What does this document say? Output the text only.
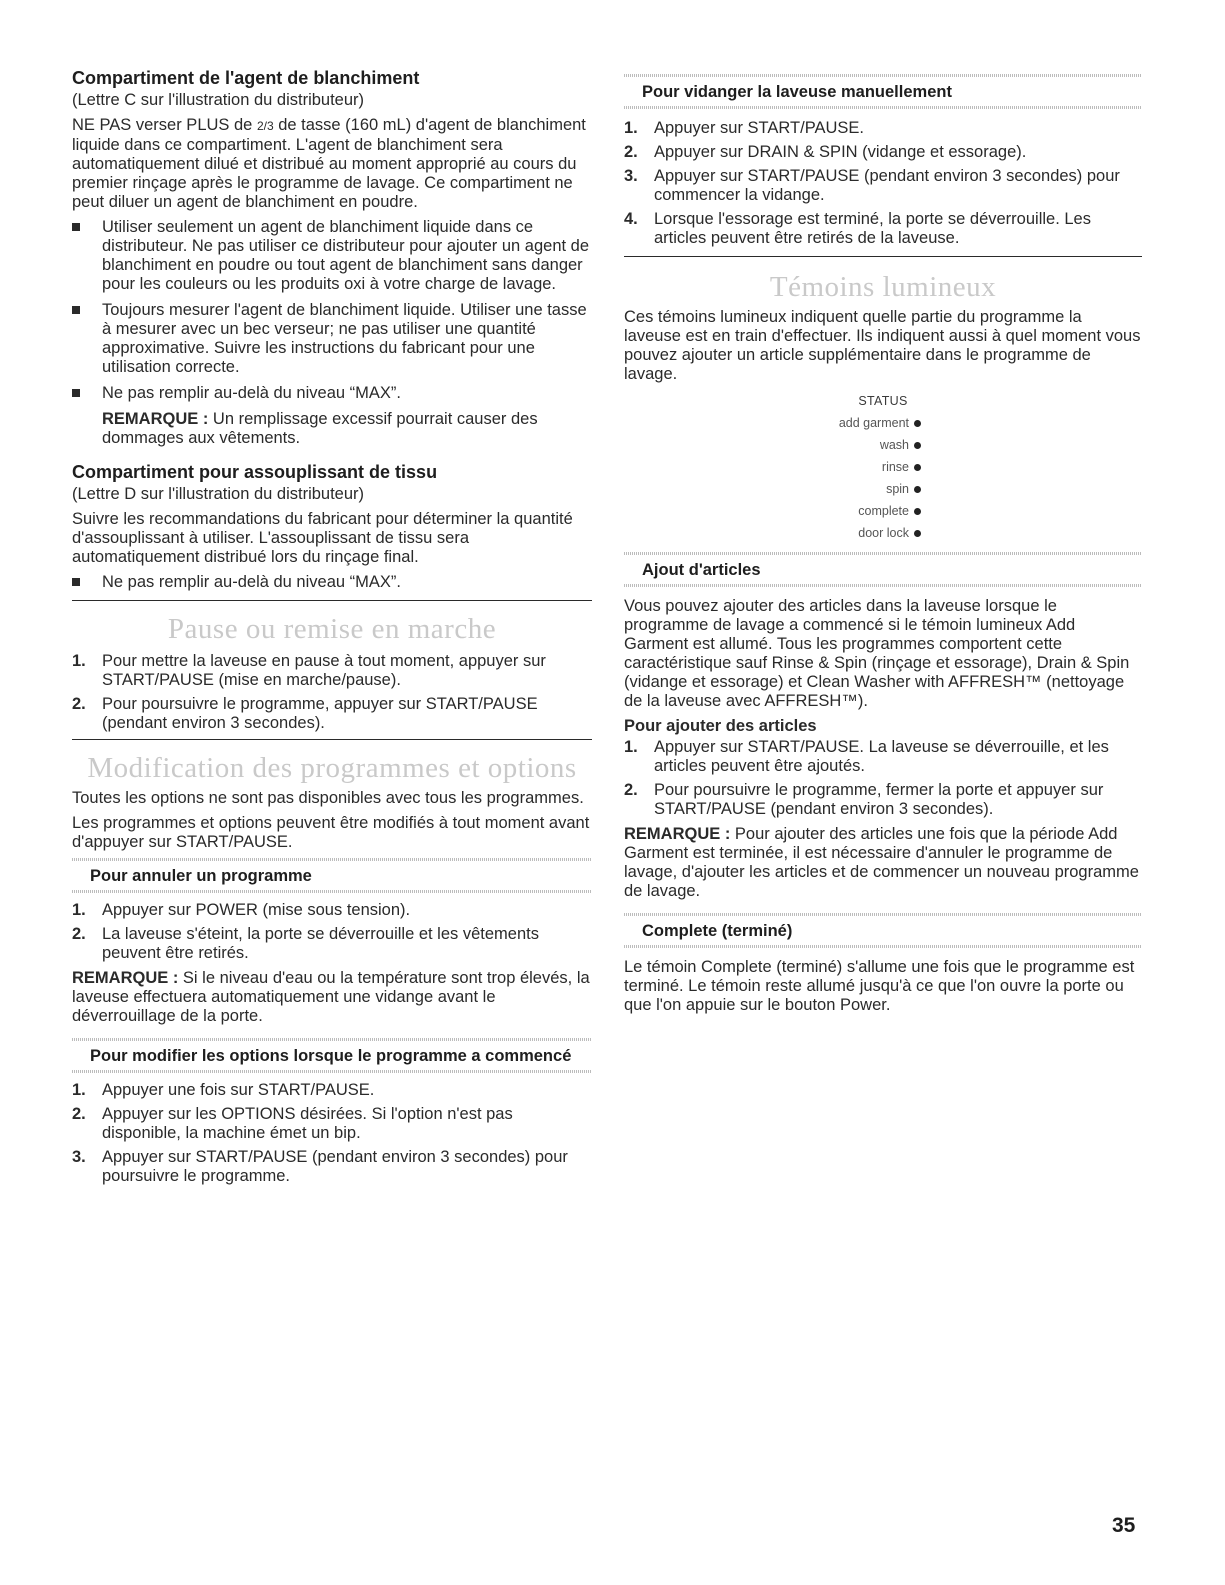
Compartiment de l'agent de blanchiment

(Lettre C sur l'illustration du distributeur)

NE PAS verser PLUS de 2/3 de tasse (160 mL) d'agent de blanchiment liquide dans ce compartiment. L'agent de blanchiment sera automatiquement dilué et distribué au moment approprié au cours du premier rinçage après le programme de lavage. Ce compartiment ne peut diluer un agent de blanchiment en poudre.

Utiliser seulement un agent de blanchiment liquide dans ce distributeur. Ne pas utiliser ce distributeur pour ajouter un agent de blanchiment en poudre ou tout agent de blanchiment sans danger pour les couleurs ou les produits oxi à votre charge de lavage.
Toujours mesurer l'agent de blanchiment liquide. Utiliser une tasse à mesurer avec un bec verseur; ne pas utiliser une quantité approximative. Suivre les instructions du fabricant pour une utilisation correcte.
Ne pas remplir au-delà du niveau “MAX”.

REMARQUE : Un remplissage excessif pourrait causer des dommages aux vêtements.

Compartiment pour assouplissant de tissu

(Lettre D sur l'illustration du distributeur)

Suivre les recommandations du fabricant pour déterminer la quantité d'assouplissant à utiliser. L'assouplissant de tissu sera automatiquement distribué lors du rinçage final.

Ne pas remplir au-delà du niveau “MAX”.
Pause ou remise en marche
1. Pour mettre la laveuse en pause à tout moment, appuyer sur START/PAUSE (mise en marche/pause).
2. Pour poursuivre le programme, appuyer sur START/PAUSE (pendant environ 3 secondes).
Modification des programmes et options

Toutes les options ne sont pas disponibles avec tous les programmes.

Les programmes et options peuvent être modifiés à tout moment avant d'appuyer sur START/PAUSE.

Pour annuler un programme
1. Appuyer sur POWER (mise sous tension).
2. La laveuse s'éteint, la porte se déverrouille et les vêtements peuvent être retirés.

REMARQUE : Si le niveau d'eau ou la température sont trop élevés, la laveuse effectuera automatiquement une vidange avant le déverrouillage de la porte.

Pour modifier les options lorsque le programme a commencé
1. Appuyer une fois sur START/PAUSE.
2. Appuyer sur les OPTIONS désirées. Si l'option n'est pas disponible, la machine émet un bip.
3. Appuyer sur START/PAUSE (pendant environ 3 secondes) pour poursuivre le programme.
Pour vidanger la laveuse manuellement
1. Appuyer sur START/PAUSE.
2. Appuyer sur DRAIN & SPIN (vidange et essorage).
3. Appuyer sur START/PAUSE (pendant environ 3 secondes) pour commencer la vidange.
4. Lorsque l'essorage est terminé, la porte se déverrouille. Les articles peuvent être retirés de la laveuse.
Témoins lumineux

Ces témoins lumineux indiquent quelle partie du programme la laveuse est en train d'effectuer. Ils indiquent aussi à quel moment vous pouvez ajouter un article supplémentaire dans le programme de lavage.

STATUS
add garment
wash
rinse
spin
complete
door lock
Ajout d'articles

Vous pouvez ajouter des articles dans la laveuse lorsque le programme de lavage a commencé si le témoin lumineux Add Garment est allumé. Tous les programmes comportent cette caractéristique sauf Rinse & Spin (rinçage et essorage), Drain & Spin (vidange et essorage) et Clean Washer with AFFRESH™ (nettoyage de la laveuse avec AFFRESH™).

Pour ajouter des articles
1. Appuyer sur START/PAUSE. La laveuse se déverrouille, et les articles peuvent être ajoutés.
2. Pour poursuivre le programme, fermer la porte et appuyer sur START/PAUSE (pendant environ 3 secondes).

REMARQUE : Pour ajouter des articles une fois que la période Add Garment est terminée, il est nécessaire d'annuler le programme de lavage, d'ajouter les articles et de commencer un nouveau programme de lavage.

Complete (terminé)

Le témoin Complete (terminé) s'allume une fois que le programme est terminé. Le témoin reste allumé jusqu'à ce que l'on ouvre la porte ou que l'on appuie sur le bouton Power.

35
